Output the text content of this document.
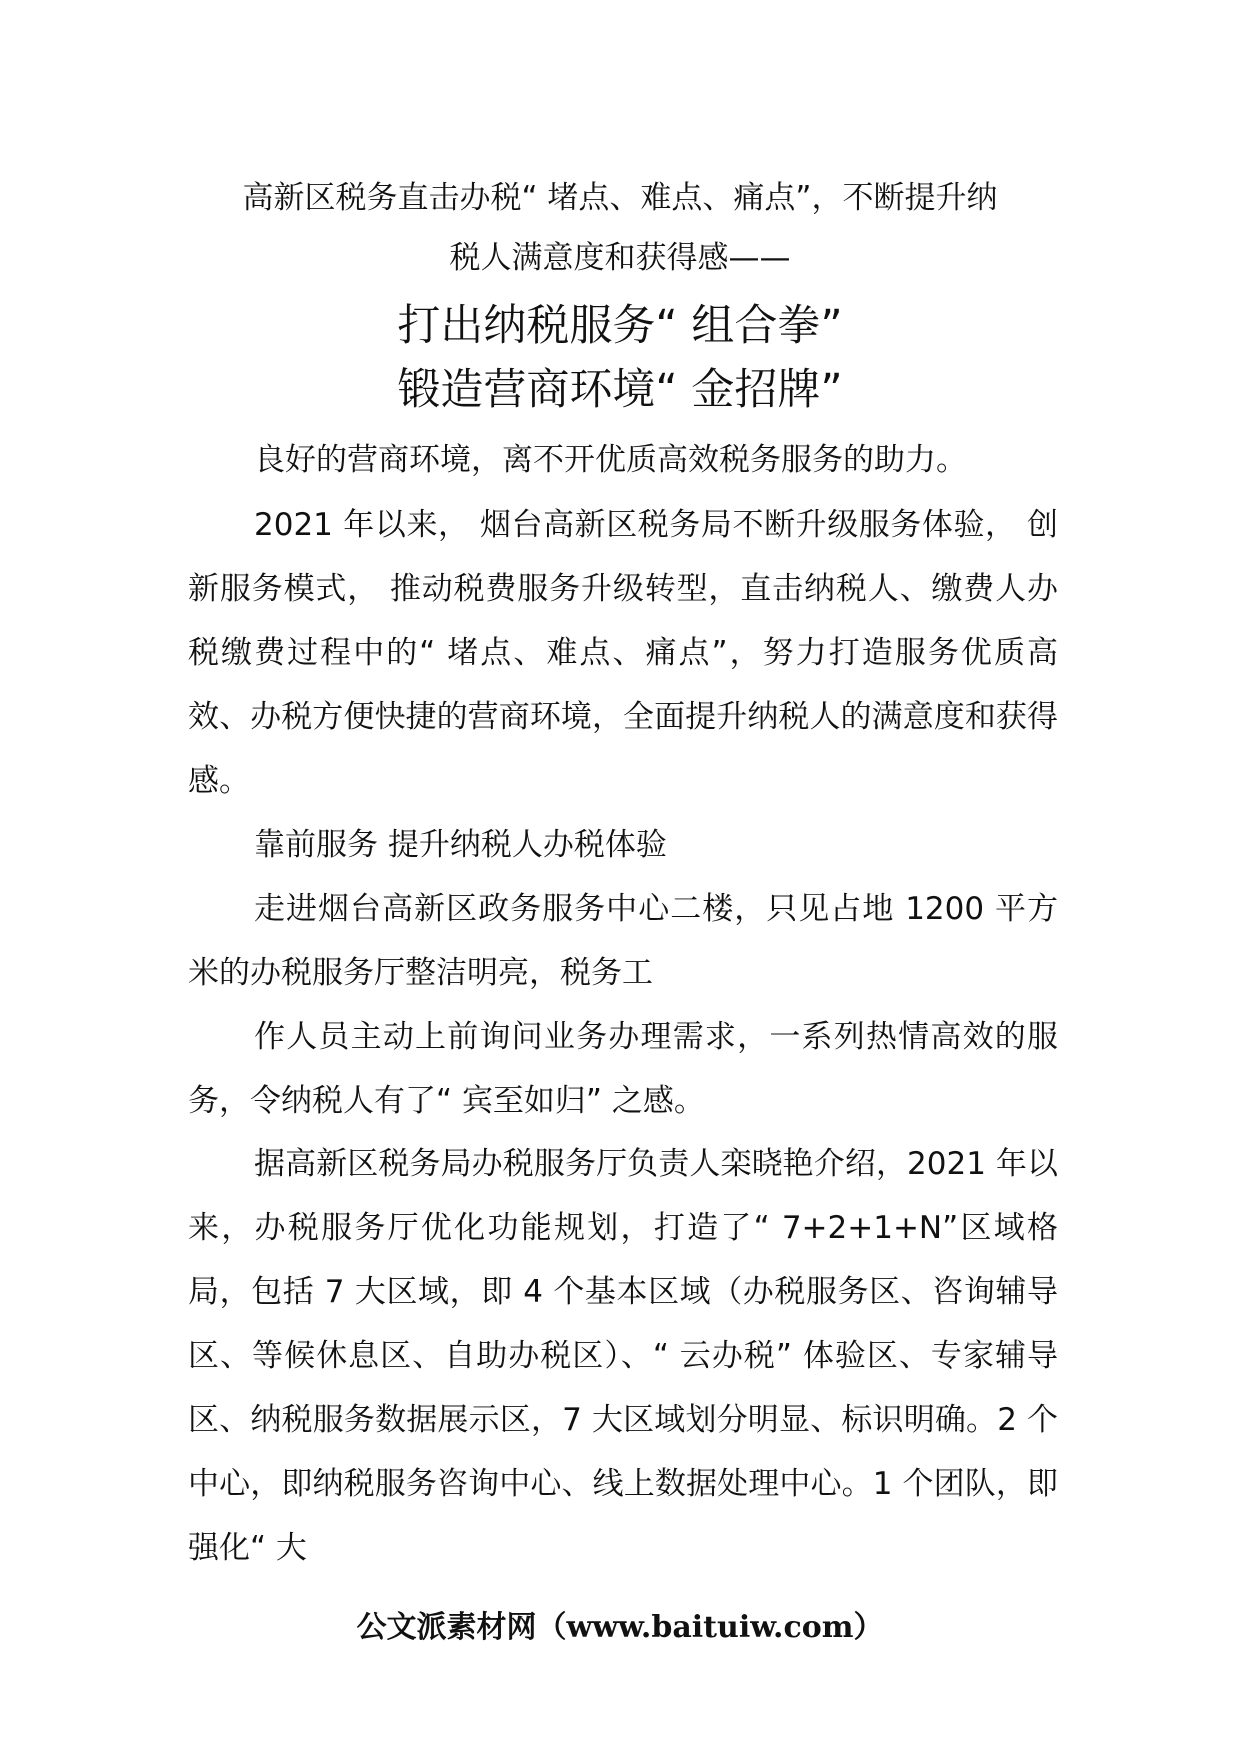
高新区税务直击办税“ 堵点、难点、痛点”，不断提升纳
税人满意度和获得感——
打出纳税服务“ 组合拳”
锻造营商环境“ 金招牌”

良好的营商环境，离不开优质高效税务服务的助力。

2021 年以来， 烟台高新区税务局不断升级服务体验， 创新服务模式， 推动税费服务升级转型，直击纳税人、缴费人办税缴费过程中的“ 堵点、难点、痛点”，努力打造服务优质高效、办税方便快捷的营商环境，全面提升纳税人的满意度和获得感。

靠前服务 提升纳税人办税体验

走进烟台高新区政务服务中心二楼，只见占地 1200 平方米的办税服务厅整洁明亮，税务工

作人员主动上前询问业务办理需求，一系列热情高效的服务，令纳税人有了“ 宾至如归” 之感。

据高新区税务局办税服务厅负责人栾晓艳介绍，2021 年以来，办税服务厅优化功能规划，打造了“ 7+2+1+N”区域格局，包括 7 大区域，即 4 个基本区域（办税服务区、咨询辅导区、等候休息区、自助办税区）、“ 云办税” 体验区、专家辅导区、纳税服务数据展示区，7 大区域划分明显、标识明确。2 个中心，即纳税服务咨询中心、线上数据处理中心。1 个团队，即强化“ 大

公文派素材网（www.baituiw.com）
